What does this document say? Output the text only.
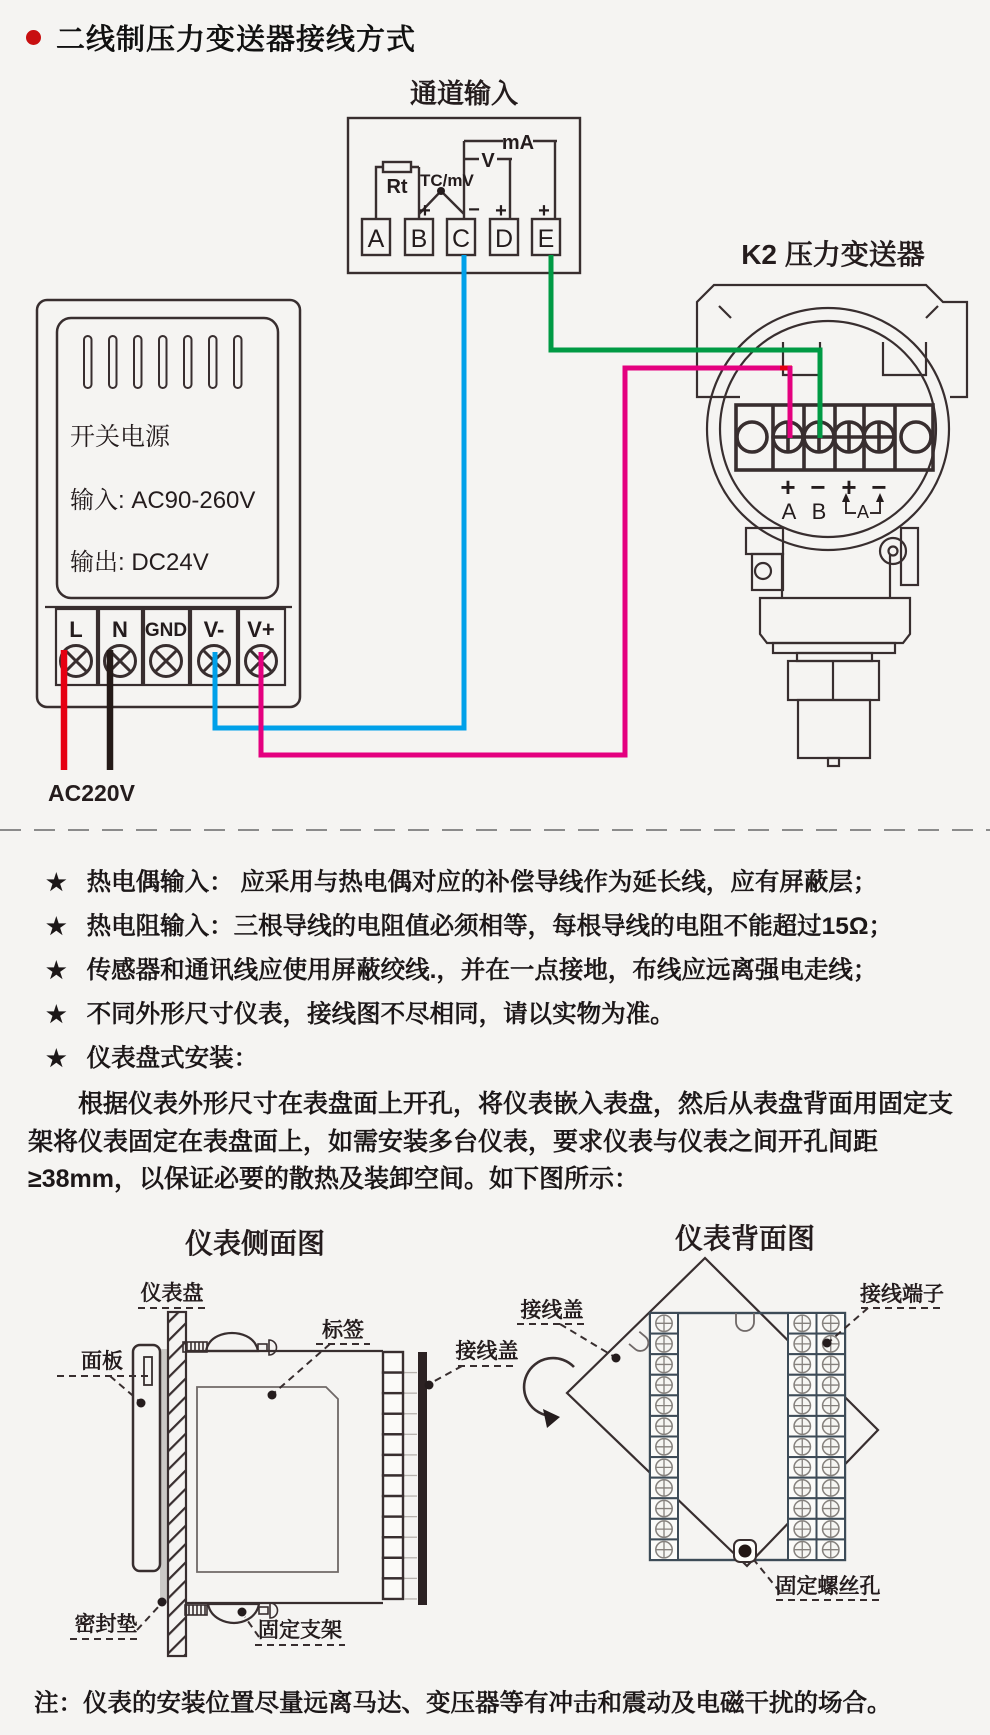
通道输入
A B C D E
Rt TC/mV
V
mA
+ − + +
K2 压力变送器
+ − + −
A B A
开关电源
输入: AC90-260V
输出: DC24V
L N GND V- V+
AC220V
仪表侧面图
仪表盘
面板
标签
接线盖
密封垫	固定支架
仪表背面图
接线盖
接线端子
固定螺丝孔
二线制压力变送器接线方式
★ 热电偶输入： 应采用与热电偶对应的补偿导线作为延长线，应有屏蔽层；
★ 热电阻输入：三根导线的电阻值必须相等，每根导线的电阻不能超过15Ω；
★ 传感器和通讯线应使用屏蔽绞线.，并在一点接地，布线应远离强电走线；
★ 不同外形尺寸仪表，接线图不尽相同，请以实物为准。
★ 仪表盘式安装：
根据仪表外形尺寸在表盘面上开孔，将仪表嵌入表盘，然后从表盘背面用固定支架将仪表固定在表盘面上，如需安装多台仪表，要求仪表与仪表之间开孔间距≥38mm，以保证必要的散热及装卸空间。如下图所示：
注：仪表的安装位置尽量远离马达、变压器等有冲击和震动及电磁干扰的场合。
